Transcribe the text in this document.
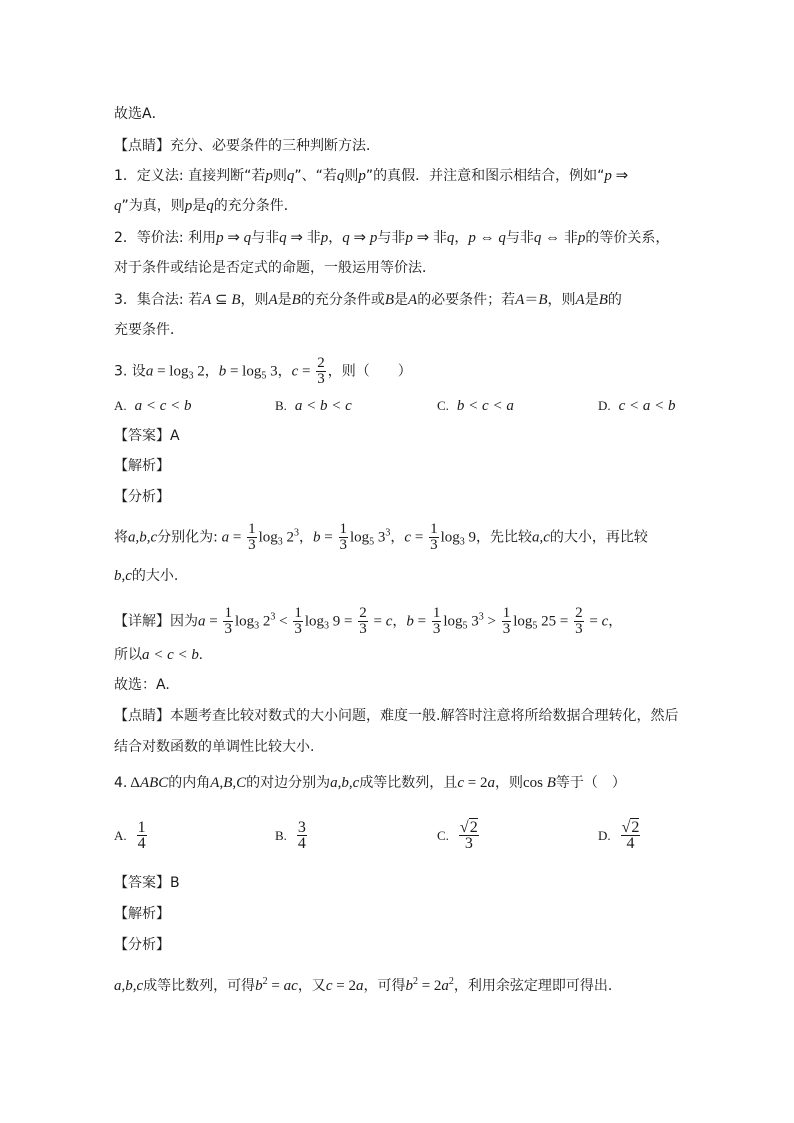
故选A．
【点睛】充分、必要条件的三种判断方法．
1．定义法: 直接判断“若p则q”、“若q则p”的真假．并注意和图示相结合，例如“p ⇒
q”为真，则p是q的充分条件．
2．等价法: 利用p ⇒ q与非q ⇒ 非p，q ⇒ p与非p ⇒ 非q，p ⇔ q与非q ⇔ 非p的等价关系，
对于条件或结论是否定式的命题，一般运用等价法．
3．集合法: 若A ⊆ B，则A是B的充分条件或B是A的必要条件；若A＝B，则A是B的
充要条件．
3. 设$a = \log_3 2$，$b = \log_5 3$，$c = \frac{2}{3}$ ，则（　　）
A. a < c < b	B. a < b < c	C. b < c < a	D. c < a < b
【答案】A
【解析】
【分析】
将a,b,c分别化为: $a = \frac{1}{3} \log_3 2^3$，$b = \frac{1}{3} \log_5 3^3$，$c = \frac{1}{3} \log_3 9$，先比较a,c的大小，再比较
b,c的大小.
【详解】因为$a = \frac{1}{3} \log_3 2^3 < \frac{1}{3} \log_3 9 = \frac{2}{3} = c$，$b = \frac{1}{3} \log_5 3^3 > \frac{1}{3} \log_5 25 = \frac{2}{3} = c$，
所以a < c < b.
故选：A.
【点睛】本题考查比较对数式的大小问题，难度一般.解答时注意将所给数据合理转化，然后
结合对数函数的单调性比较大小.
4. ΔABC的内角A,B,C的对边分别为a,b,c成等比数列，且c = 2a，则cos B等于（　）
A. $\frac{1}{4}$	B. $\frac{3}{4}$	C. $\frac{√2}{3}$	D. $\frac{√2}{4}$
【答案】B
【解析】
【分析】
a,b,c成等比数列，可得$b^2$ = ac，又c = 2a，可得$b^2 = 2a^2$，利用余弦定理即可得出.
